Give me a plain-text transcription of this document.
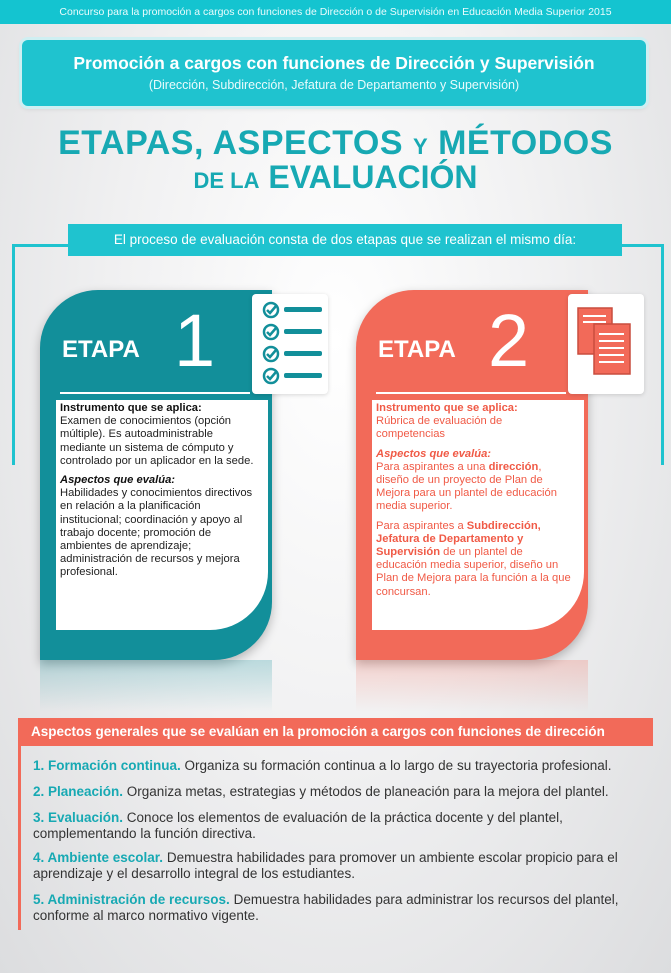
Concurso para la promoción a cargos con funciones de Dirección o de Supervisión en Educación Media Superior 2015
Promoción a cargos con funciones de Dirección y Supervisión
(Dirección, Subdirección, Jefatura de Departamento y Supervisión)
ETAPAS, ASPECTOS Y MÉTODOS
DE LA EVALUACIÓN
El proceso de evaluación consta de dos etapas que se realizan el mismo día:
ETAPA 1
Instrumento que se aplica:
Examen de conocimientos (opción múltiple). Es autoadministrable mediante un sistema de cómputo y controlado por un aplicador en la sede.
Aspectos que evalúa:
Habilidades y conocimientos directivos en relación a la planificación institucional; coordinación y apoyo al trabajo docente; promoción de ambientes de aprendizaje; administración de recursos y mejora profesional.
ETAPA 2
Instrumento que se aplica:
Rúbrica de evaluación de competencias
Aspectos que evalúa:
Para aspirantes a una dirección, diseño de un proyecto de Plan de Mejora para un plantel de educación media superior.
Para aspirantes a Subdirección, Jefatura de Departamento y Supervisión de un plantel de educación media superior, diseño un Plan de Mejora para la función a la que concursan.
Aspectos generales que se evalúan en la promoción a cargos con funciones de dirección
1. Formación continua. Organiza su formación continua a lo largo de su trayectoria profesional.
2. Planeación. Organiza metas, estrategias y métodos de planeación para la mejora del plantel.
3. Evaluación. Conoce los elementos de evaluación de la práctica docente y del plantel, complementando la función directiva.
4. Ambiente escolar. Demuestra habilidades para promover un ambiente escolar propicio para el aprendizaje y el desarrollo integral de los estudiantes.
5. Administración de recursos. Demuestra habilidades para administrar los recursos del plantel, conforme al marco normativo vigente.
